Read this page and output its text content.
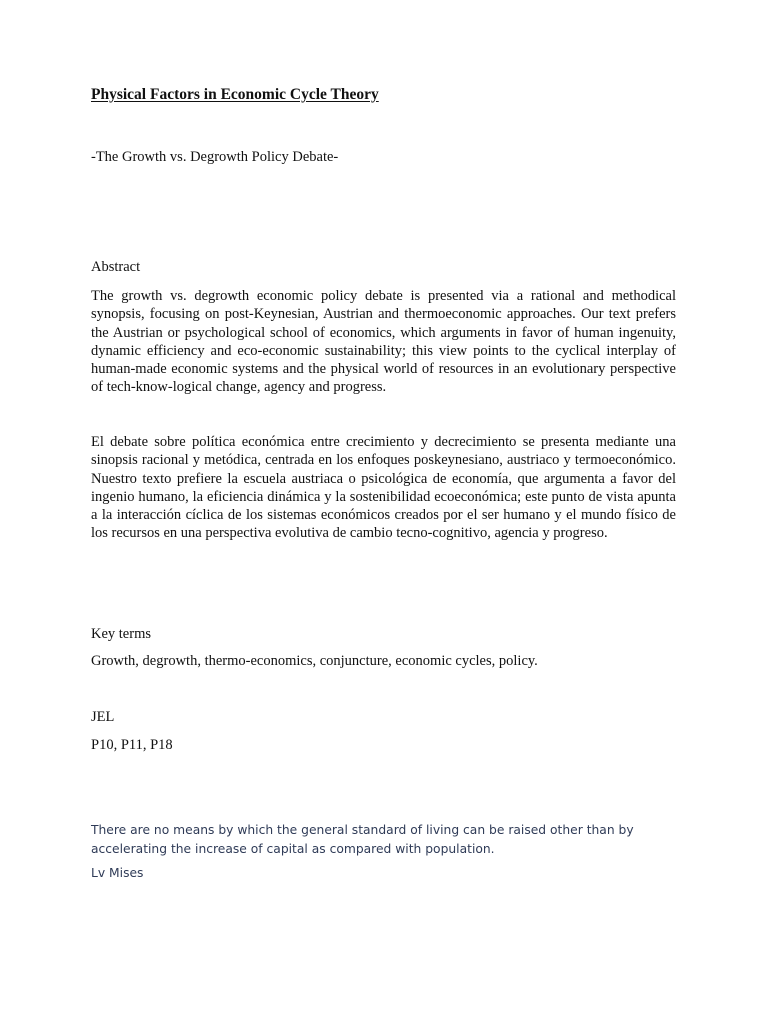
Physical Factors in Economic Cycle Theory
-The Growth vs. Degrowth Policy Debate-
Abstract

The growth vs. degrowth economic policy debate is presented via a rational and methodical synopsis, focusing on post-Keynesian, Austrian and thermoeconomic approaches. Our text prefers the Austrian or psychological school of economics, which arguments in favor of human ingenuity, dynamic efficiency and eco-economic sustainability; this view points to the cyclical interplay of human-made economic systems and the physical world of resources in an evolutionary perspective of tech-know-logical change, agency and progress.

El debate sobre política económica entre crecimiento y decrecimiento se presenta mediante una sinopsis racional y metódica, centrada en los enfoques poskeynesiano, austriaco y termoeconómico. Nuestro texto prefiere la escuela austriaca o psicológica de economía, que argumenta a favor del ingenio humano, la eficiencia dinámica y la sostenibilidad ecoeconómica; este punto de vista apunta a la interacción cíclica de los sistemas económicos creados por el ser humano y el mundo físico de los recursos en una perspectiva evolutiva de cambio tecno-cognitivo, agencia y progreso.

Key terms
Growth, degrowth, thermo-economics, conjuncture, economic cycles, policy.
JEL
P10, P11, P18

There are no means by which the general standard of living can be raised other than by accelerating the increase of capital as compared with population.

Lv Mises
